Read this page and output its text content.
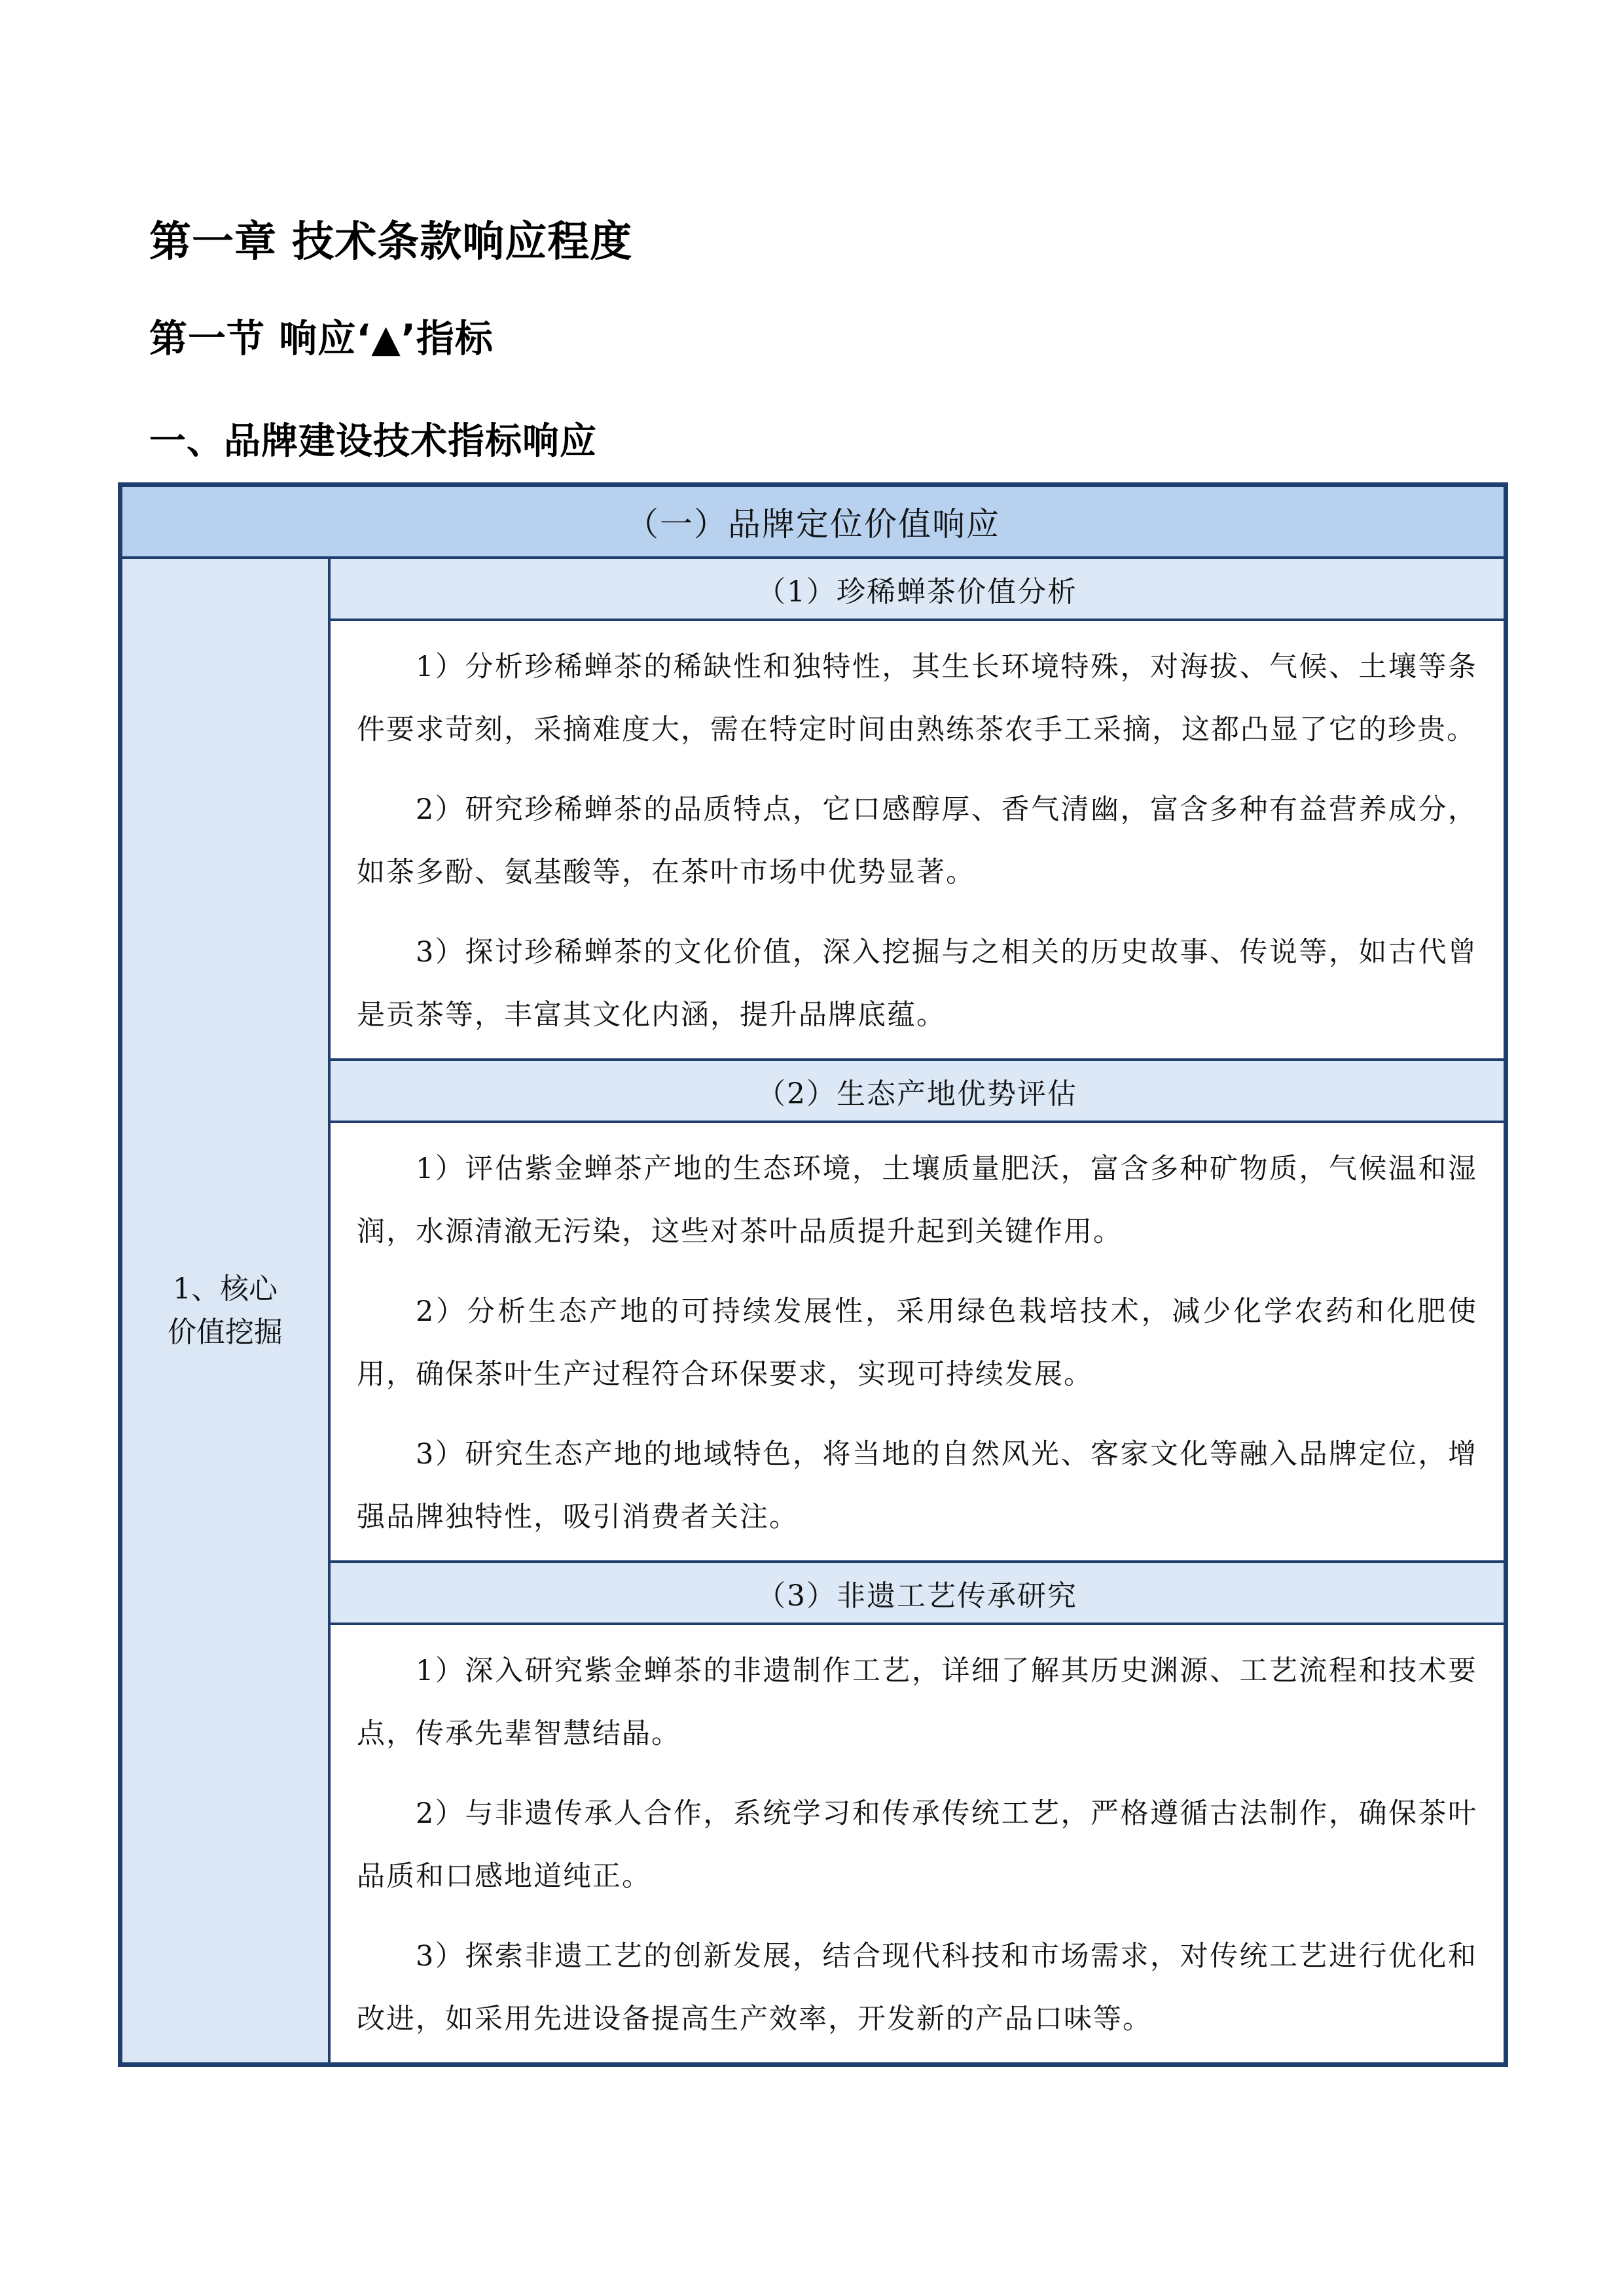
第一章 技术条款响应程度
第一节 响应‘▲’指标
一、品牌建设技术指标响应
（一）品牌定位价值响应
1、核心价值挖掘
（1）珍稀蝉茶价值分析

1）分析珍稀蝉茶的稀缺性和独特性，其生长环境特殊，对海拔、气候、土壤等条件要求苛刻，采摘难度大，需在特定时间由熟练茶农手工采摘，这都凸显了它的珍贵。

2）研究珍稀蝉茶的品质特点，它口感醇厚、香气清幽，富含多种有益营养成分，如茶多酚、氨基酸等，在茶叶市场中优势显著。

3）探讨珍稀蝉茶的文化价值，深入挖掘与之相关的历史故事、传说等，如古代曾是贡茶等，丰富其文化内涵，提升品牌底蕴。

（2）生态产地优势评估

1）评估紫金蝉茶产地的生态环境，土壤质量肥沃，富含多种矿物质，气候温和湿润，水源清澈无污染，这些对茶叶品质提升起到关键作用。

2）分析生态产地的可持续发展性，采用绿色栽培技术，减少化学农药和化肥使用，确保茶叶生产过程符合环保要求，实现可持续发展。

3）研究生态产地的地域特色，将当地的自然风光、客家文化等融入品牌定位，增强品牌独特性，吸引消费者关注。

（3）非遗工艺传承研究

1）深入研究紫金蝉茶的非遗制作工艺，详细了解其历史渊源、工艺流程和技术要点，传承先辈智慧结晶。

2）与非遗传承人合作，系统学习和传承传统工艺，严格遵循古法制作，确保茶叶品质和口感地道纯正。

3）探索非遗工艺的创新发展，结合现代科技和市场需求，对传统工艺进行优化和改进，如采用先进设备提高生产效率，开发新的产品口味等。
